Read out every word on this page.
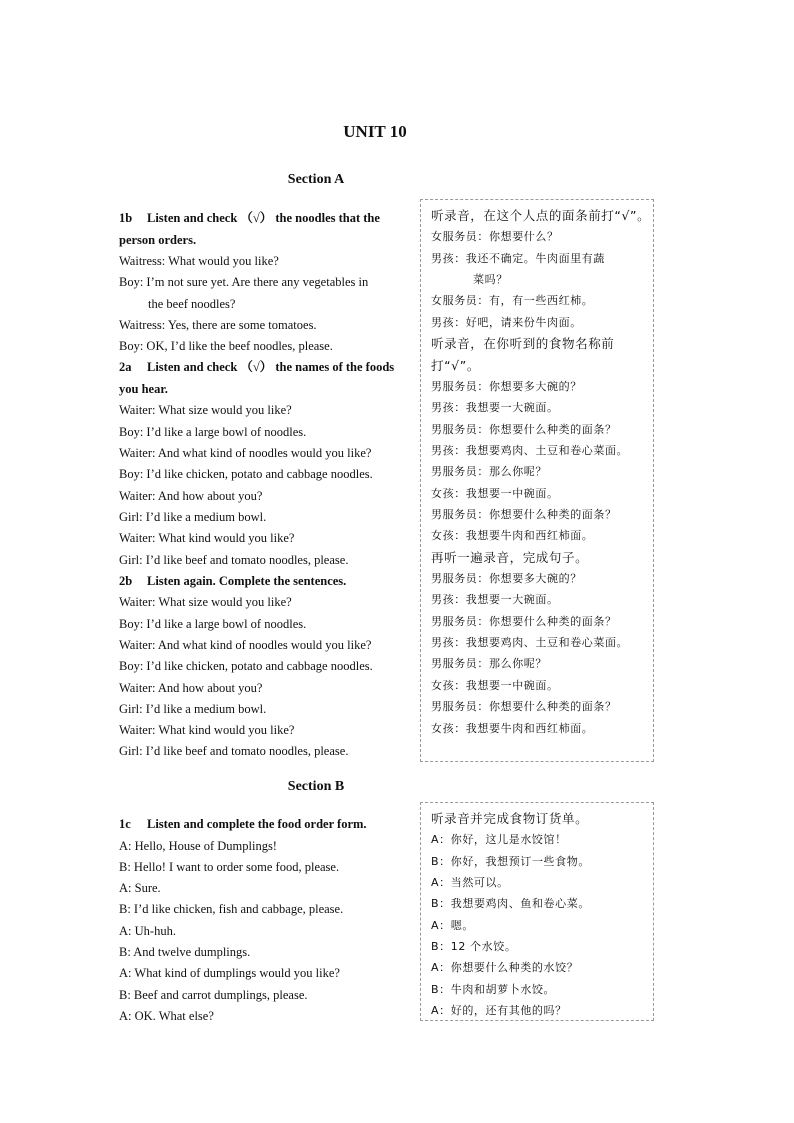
UNIT 10
Section A
1b Listen and check （√） the noodles that the person orders.
Waitress: What would you like?
Boy: I’m not sure yet. Are there any vegetables in
the beef noodles?
Waitress: Yes, there are some tomatoes.
Boy: OK, I’d like the beef noodles, please.
2a Listen and check （√） the names of the foods you hear.
Waiter: What size would you like?
Boy: I’d like a large bowl of noodles.
Waiter: And what kind of noodles would you like?
Boy: I’d like chicken, potato and cabbage noodles.
Waiter: And how about you?
Girl: I’d like a medium bowl.
Waiter: What kind would you like?
Girl: I’d like beef and tomato noodles, please.
2b Listen again. Complete the sentences.
Waiter: What size would you like?
Boy: I’d like a large bowl of noodles.
Waiter: And what kind of noodles would you like?
Boy: I’d like chicken, potato and cabbage noodles.
Waiter: And how about you?
Girl: I’d like a medium bowl.
Waiter: What kind would you like?
Girl: I’d like beef and tomato noodles, please.
听录音，在这个人点的面条前打“√”。
女服务员：你想要什么？
男孩：我还不确定。牛肉面里有蔬
菜吗？
女服务员：有，有一些西红柿。
男孩：好吧，请来份牛肉面。
听录音，在你听到的食物名称前打“√”。
男服务员：你想要多大碗的？
男孩：我想要一大碗面。
男服务员：你想要什么种类的面条？
男孩：我想要鸡肉、土豆和卷心菜面。
男服务员：那么你呢？
女孩：我想要一中碗面。
男服务员：你想要什么种类的面条？
女孩：我想要牛肉和西红柿面。
再听一遍录音，完成句子。
男服务员：你想要多大碗的？
男孩：我想要一大碗面。
男服务员：你想要什么种类的面条？
男孩：我想要鸡肉、土豆和卷心菜面。
男服务员：那么你呢？
女孩：我想要一中碗面。
男服务员：你想要什么种类的面条？
女孩：我想要牛肉和西红柿面。
Section B
1c Listen and complete the food order form.
A: Hello, House of Dumplings!
B: Hello! I want to order some food, please.
A: Sure.
B: I’d like chicken, fish and cabbage, please.
A: Uh-huh.
B: And twelve dumplings.
A: What kind of dumplings would you like?
B: Beef and carrot dumplings, please.
A: OK. What else?
听录音并完成食物订货单。
A：你好，这儿是水饺馆！
B：你好，我想预订一些食物。
A：当然可以。
B：我想要鸡肉、鱼和卷心菜。
A：嗯。
B：12 个水饺。
A：你想要什么种类的水饺？
B：牛肉和胡萝卜水饺。
A：好的，还有其他的吗？
